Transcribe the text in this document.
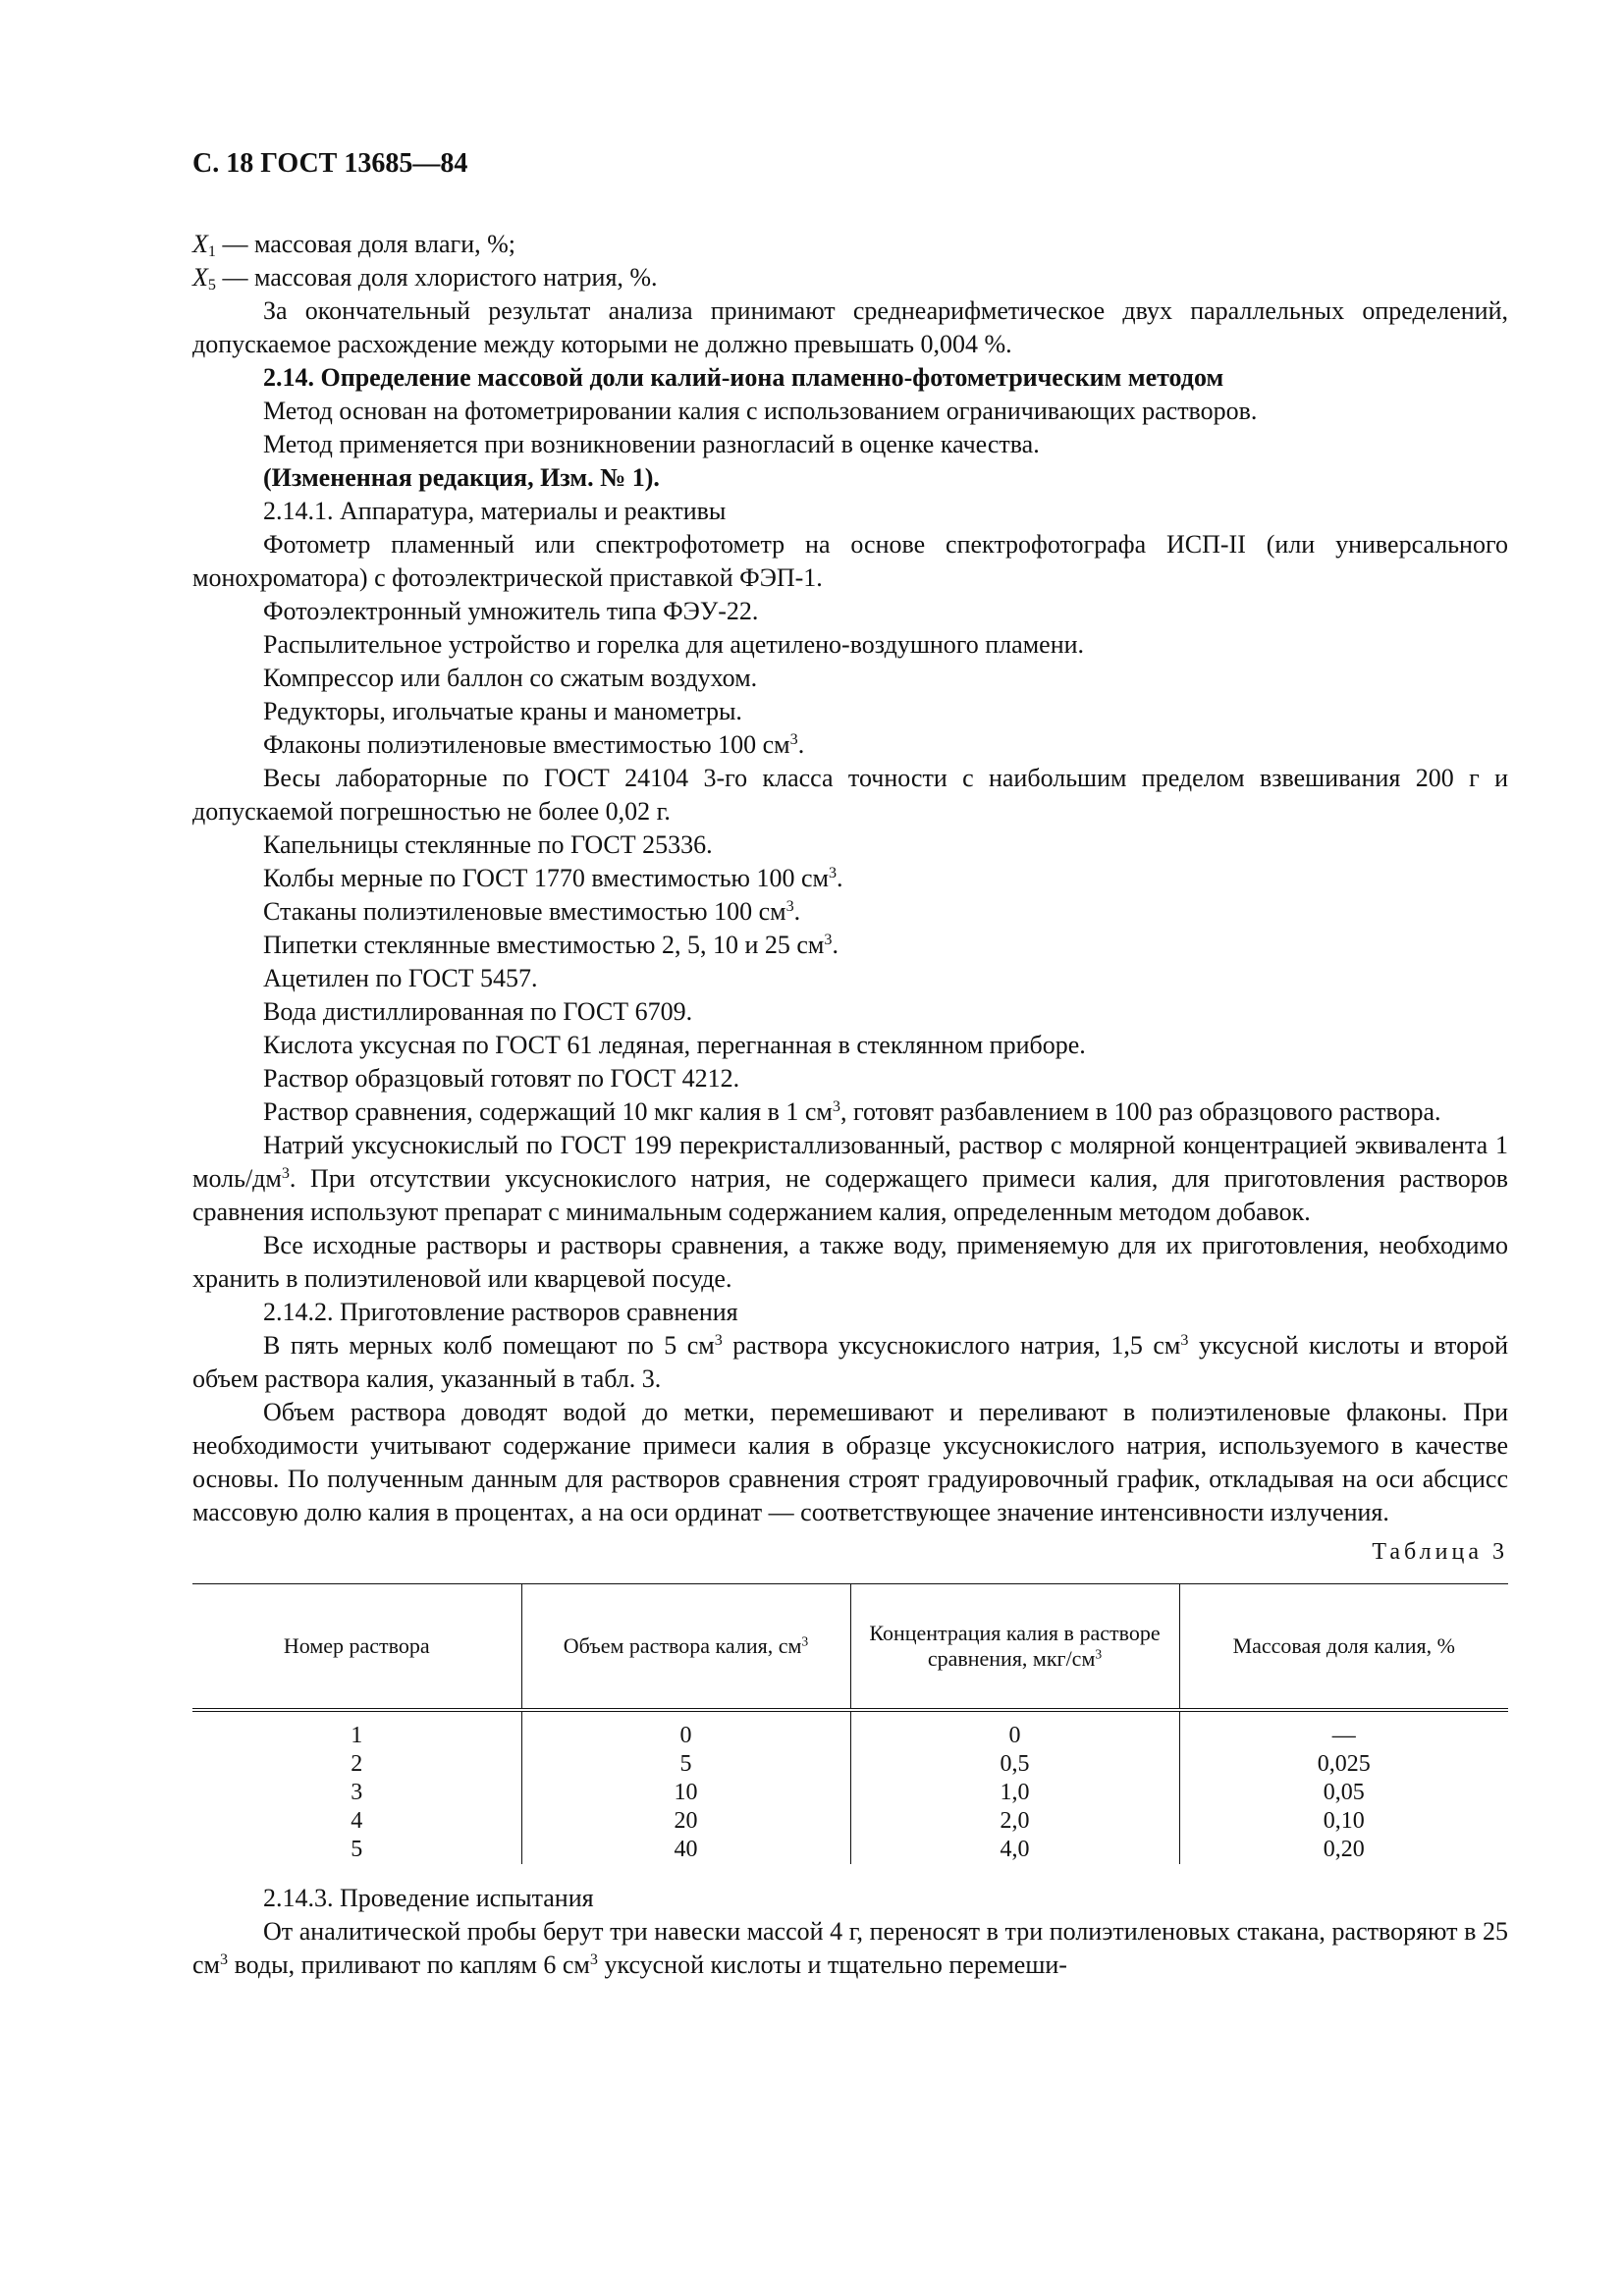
С. 18 ГОСТ 13685—84

$X_1$ — массовая доля влаги, %;

$X_5$ — массовая доля хлористого натрия, %.

За окончательный результат анализа принимают среднеарифметическое двух параллельных определений, допускаемое расхождение между которыми не должно превышать 0,004 %.

2.14. Определение массовой доли калий-иона пламенно-фотометрическим методом

Метод основан на фотометрировании калия с использованием ограничивающих растворов.

Метод применяется при возникновении разногласий в оценке качества.

(Измененная редакция, Изм. № 1).

2.14.1. Аппаратура, материалы и реактивы

Фотометр пламенный или спектрофотометр на основе спектрофотографа ИСП-II (или универсального монохроматора) с фотоэлектрической приставкой ФЭП-1.

Фотоэлектронный умножитель типа ФЭУ-22.

Распылительное устройство и горелка для ацетилено-воздушного пламени.

Компрессор или баллон со сжатым воздухом.

Редукторы, игольчатые краны и манометры.

Флаконы полиэтиленовые вместимостью 100 $см^3$.

Весы лабораторные по ГОСТ 24104 3-го класса точности с наибольшим пределом взвешивания 200 г и допускаемой погрешностью не более 0,02 г.

Капельницы стеклянные по ГОСТ 25336.

Колбы мерные по ГОСТ 1770 вместимостью 100 $см^3$.

Стаканы полиэтиленовые вместимостью 100 $см^3$.

Пипетки стеклянные вместимостью 2, 5, 10 и 25 $см^3$.

Ацетилен по ГОСТ 5457.

Вода дистиллированная по ГОСТ 6709.

Кислота уксусная по ГОСТ 61 ледяная, перегнанная в стеклянном приборе.

Раствор образцовый готовят по ГОСТ 4212.

Раствор сравнения, содержащий 10 мкг калия в 1 $см^3$, готовят разбавлением в 100 раз образцового раствора.

Натрий уксуснокислый по ГОСТ 199 перекристаллизованный, раствор с молярной концентрацией эквивалента 1 моль/$дм^3$. При отсутствии уксуснокислого натрия, не содержащего примеси калия, для приготовления растворов сравнения используют препарат с минимальным содержанием калия, определенным методом добавок.

Все исходные растворы и растворы сравнения, а также воду, применяемую для их приготовления, необходимо хранить в полиэтиленовой или кварцевой посуде.

2.14.2. Приготовление растворов сравнения

В пять мерных колб помещают по 5 $см^3$ раствора уксуснокислого натрия, 1,5 $см^3$ уксусной кислоты и второй объем раствора калия, указанный в табл. 3.

Объем раствора доводят водой до метки, перемешивают и переливают в полиэтиленовые флаконы. При необходимости учитывают содержание примеси калия в образце уксуснокислого натрия, используемого в качестве основы. По полученным данным для растворов сравнения строят градуировочный график, откладывая на оси абсцисс массовую долю калия в процентах, а на оси ординат — соответствующее значение интенсивности излучения.

Таблица 3
Номер раствора	Объем раствора калия, $см^3$	Концентрация калия в растворе сравнения, мкг/$см^3$	Массовая доля калия, %
1	0	0	—
2	5	0,5	0,025
3	10	1,0	0,05
4	20	2,0	0,10
5	40	4,0	0,20

2.14.3. Проведение испытания

От аналитической пробы берут три навески массой 4 г, переносят в три полиэтиленовых стакана, растворяют в 25 $см^3$ воды, приливают по каплям 6 $см^3$ уксусной кислоты и тщательно перемеши-
